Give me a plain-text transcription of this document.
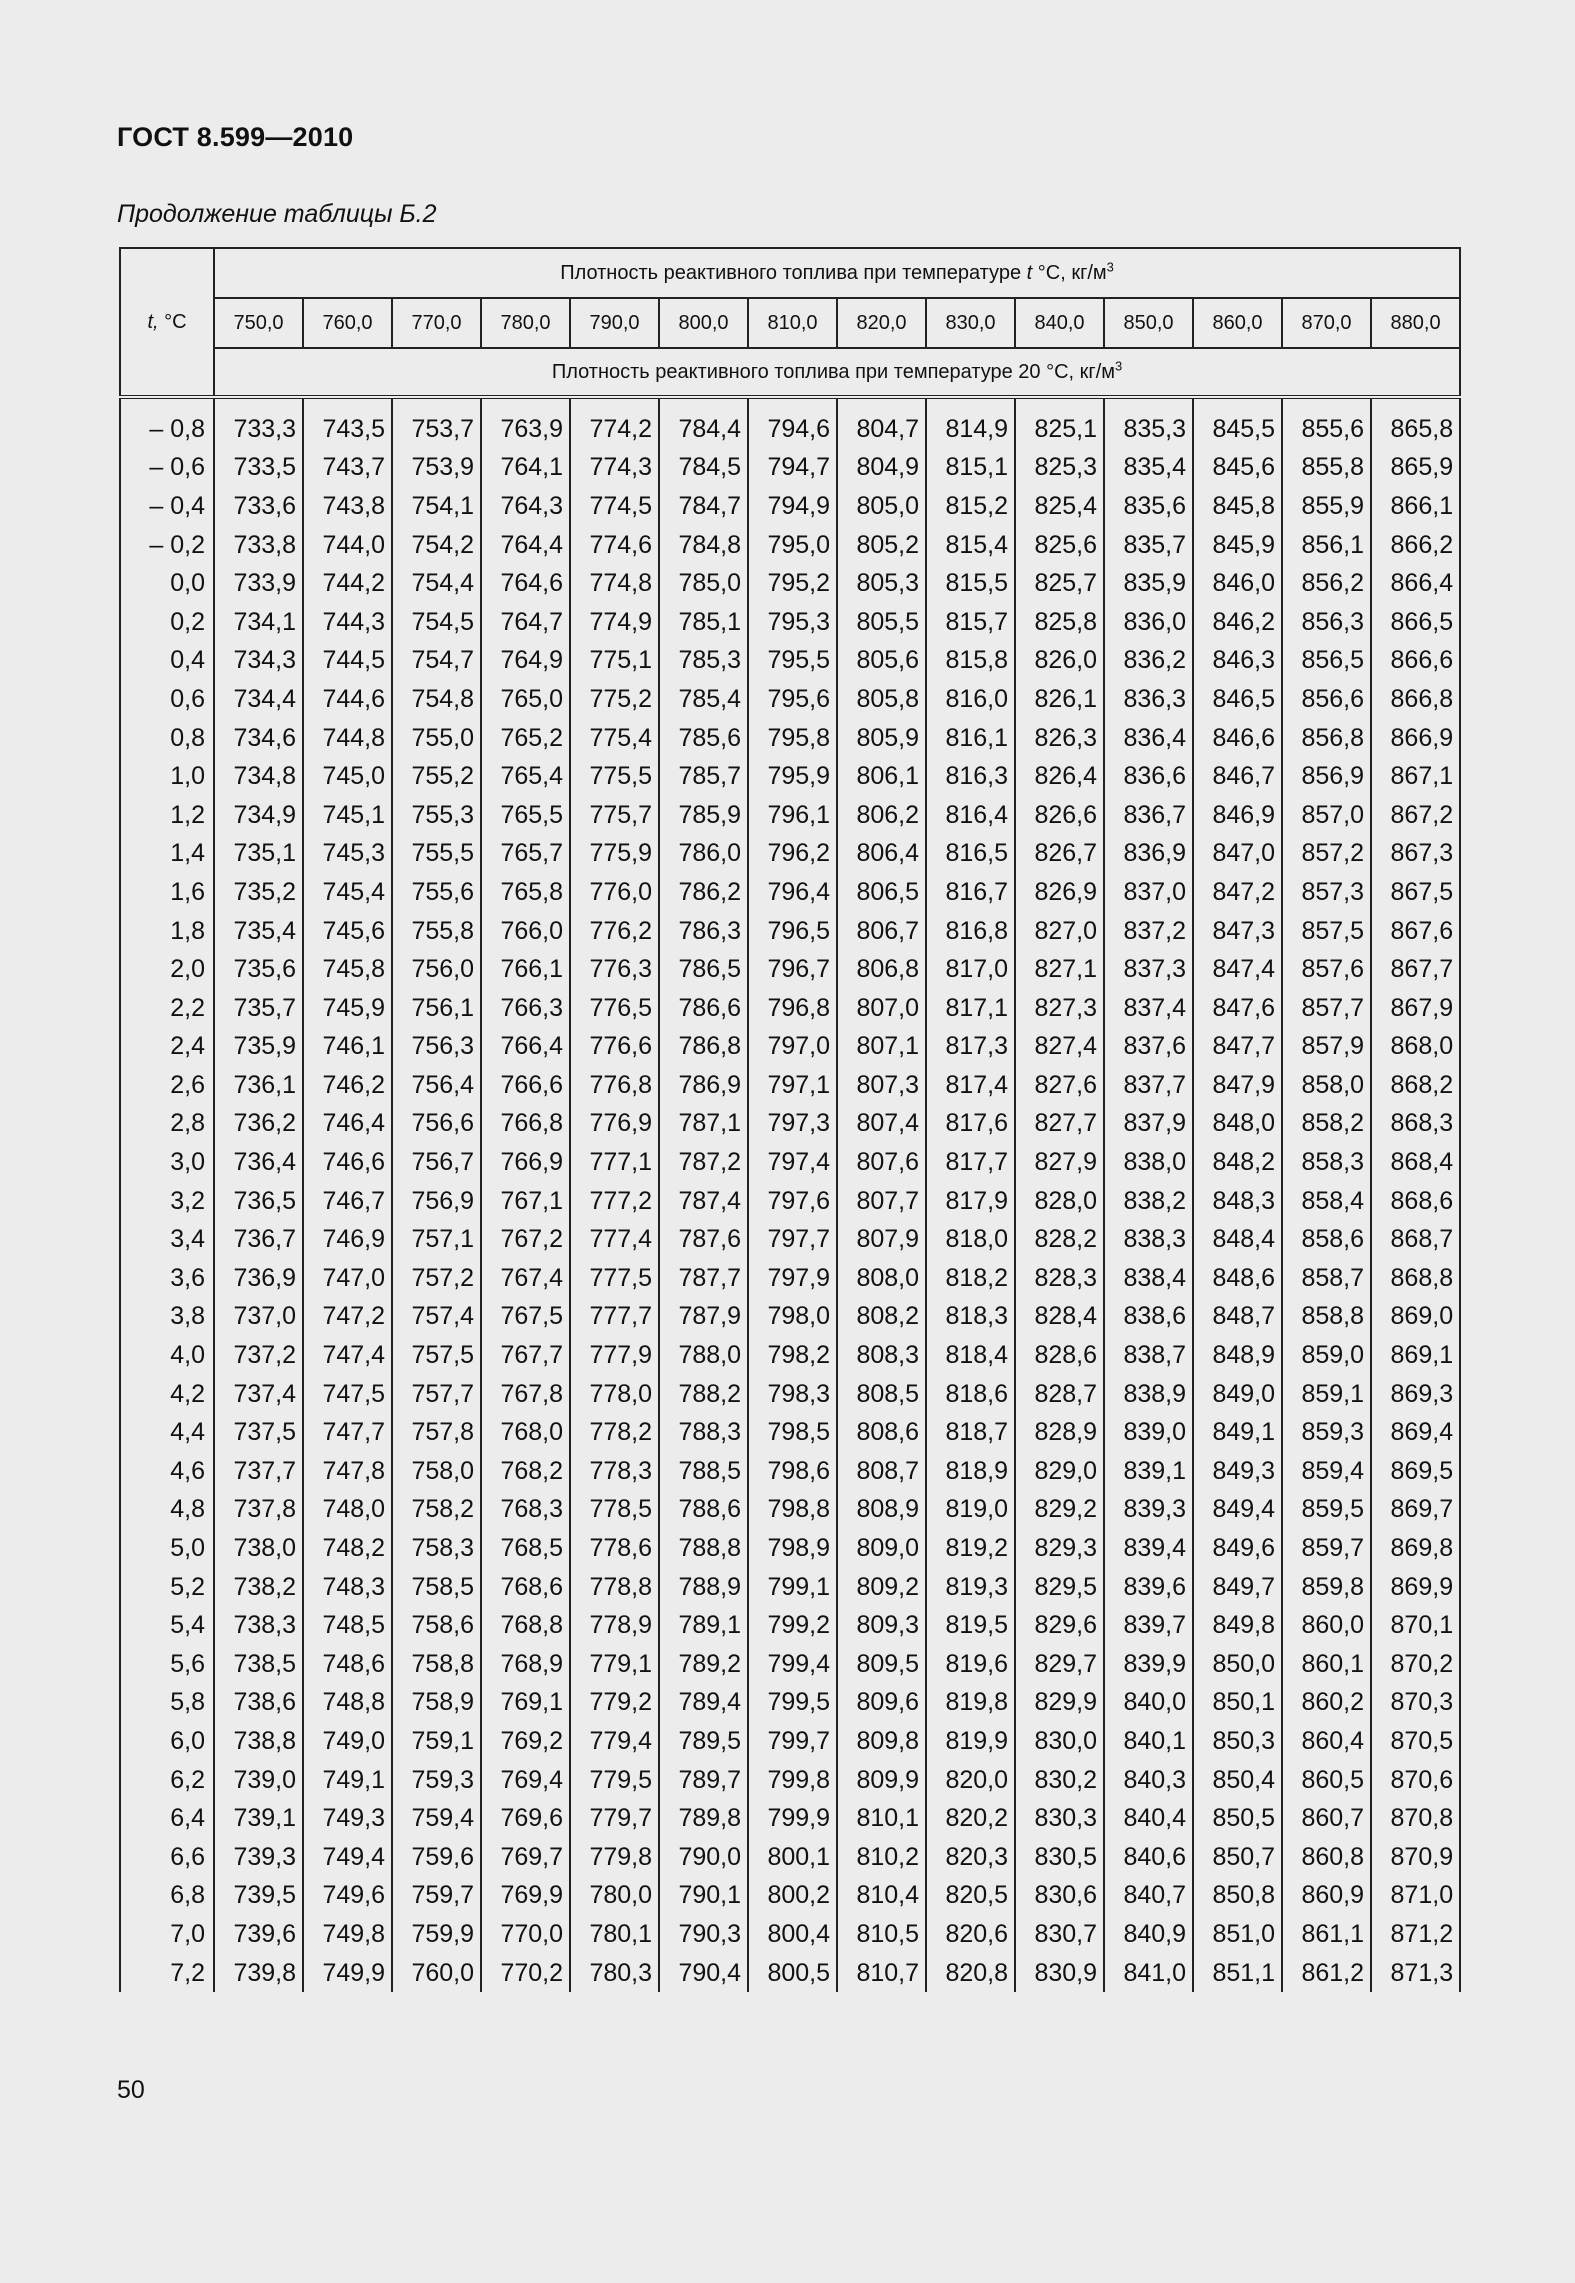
ГОСТ 8.599—2010
Продолжение таблицы Б.2
t, °С	Плотность реактивного топлива при температуре t °С, $кг/м^3$
	750,0	760,0	770,0	780,0	790,0	800,0	810,0	820,0	830,0	840,0	850,0	860,0	870,0	880,0
	Плотность реактивного топлива при температуре 20 °С, $кг/м^3$

– 0,8	733,3	743,5	753,7	763,9	774,2	784,4	794,6	804,7	814,9	825,1	835,3	845,5	855,6	865,8
– 0,6	733,5	743,7	753,9	764,1	774,3	784,5	794,7	804,9	815,1	825,3	835,4	845,6	855,8	865,9
– 0,4	733,6	743,8	754,1	764,3	774,5	784,7	794,9	805,0	815,2	825,4	835,6	845,8	855,9	866,1
– 0,2	733,8	744,0	754,2	764,4	774,6	784,8	795,0	805,2	815,4	825,6	835,7	845,9	856,1	866,2
0,0	733,9	744,2	754,4	764,6	774,8	785,0	795,2	805,3	815,5	825,7	835,9	846,0	856,2	866,4
0,2	734,1	744,3	754,5	764,7	774,9	785,1	795,3	805,5	815,7	825,8	836,0	846,2	856,3	866,5
0,4	734,3	744,5	754,7	764,9	775,1	785,3	795,5	805,6	815,8	826,0	836,2	846,3	856,5	866,6
0,6	734,4	744,6	754,8	765,0	775,2	785,4	795,6	805,8	816,0	826,1	836,3	846,5	856,6	866,8
0,8	734,6	744,8	755,0	765,2	775,4	785,6	795,8	805,9	816,1	826,3	836,4	846,6	856,8	866,9
1,0	734,8	745,0	755,2	765,4	775,5	785,7	795,9	806,1	816,3	826,4	836,6	846,7	856,9	867,1
1,2	734,9	745,1	755,3	765,5	775,7	785,9	796,1	806,2	816,4	826,6	836,7	846,9	857,0	867,2
1,4	735,1	745,3	755,5	765,7	775,9	786,0	796,2	806,4	816,5	826,7	836,9	847,0	857,2	867,3
1,6	735,2	745,4	755,6	765,8	776,0	786,2	796,4	806,5	816,7	826,9	837,0	847,2	857,3	867,5
1,8	735,4	745,6	755,8	766,0	776,2	786,3	796,5	806,7	816,8	827,0	837,2	847,3	857,5	867,6
2,0	735,6	745,8	756,0	766,1	776,3	786,5	796,7	806,8	817,0	827,1	837,3	847,4	857,6	867,7
2,2	735,7	745,9	756,1	766,3	776,5	786,6	796,8	807,0	817,1	827,3	837,4	847,6	857,7	867,9
2,4	735,9	746,1	756,3	766,4	776,6	786,8	797,0	807,1	817,3	827,4	837,6	847,7	857,9	868,0
2,6	736,1	746,2	756,4	766,6	776,8	786,9	797,1	807,3	817,4	827,6	837,7	847,9	858,0	868,2
2,8	736,2	746,4	756,6	766,8	776,9	787,1	797,3	807,4	817,6	827,7	837,9	848,0	858,2	868,3
3,0	736,4	746,6	756,7	766,9	777,1	787,2	797,4	807,6	817,7	827,9	838,0	848,2	858,3	868,4
3,2	736,5	746,7	756,9	767,1	777,2	787,4	797,6	807,7	817,9	828,0	838,2	848,3	858,4	868,6
3,4	736,7	746,9	757,1	767,2	777,4	787,6	797,7	807,9	818,0	828,2	838,3	848,4	858,6	868,7
3,6	736,9	747,0	757,2	767,4	777,5	787,7	797,9	808,0	818,2	828,3	838,4	848,6	858,7	868,8
3,8	737,0	747,2	757,4	767,5	777,7	787,9	798,0	808,2	818,3	828,4	838,6	848,7	858,8	869,0
4,0	737,2	747,4	757,5	767,7	777,9	788,0	798,2	808,3	818,4	828,6	838,7	848,9	859,0	869,1
4,2	737,4	747,5	757,7	767,8	778,0	788,2	798,3	808,5	818,6	828,7	838,9	849,0	859,1	869,3
4,4	737,5	747,7	757,8	768,0	778,2	788,3	798,5	808,6	818,7	828,9	839,0	849,1	859,3	869,4
4,6	737,7	747,8	758,0	768,2	778,3	788,5	798,6	808,7	818,9	829,0	839,1	849,3	859,4	869,5
4,8	737,8	748,0	758,2	768,3	778,5	788,6	798,8	808,9	819,0	829,2	839,3	849,4	859,5	869,7
5,0	738,0	748,2	758,3	768,5	778,6	788,8	798,9	809,0	819,2	829,3	839,4	849,6	859,7	869,8
5,2	738,2	748,3	758,5	768,6	778,8	788,9	799,1	809,2	819,3	829,5	839,6	849,7	859,8	869,9
5,4	738,3	748,5	758,6	768,8	778,9	789,1	799,2	809,3	819,5	829,6	839,7	849,8	860,0	870,1
5,6	738,5	748,6	758,8	768,9	779,1	789,2	799,4	809,5	819,6	829,7	839,9	850,0	860,1	870,2
5,8	738,6	748,8	758,9	769,1	779,2	789,4	799,5	809,6	819,8	829,9	840,0	850,1	860,2	870,3
6,0	738,8	749,0	759,1	769,2	779,4	789,5	799,7	809,8	819,9	830,0	840,1	850,3	860,4	870,5
6,2	739,0	749,1	759,3	769,4	779,5	789,7	799,8	809,9	820,0	830,2	840,3	850,4	860,5	870,6
6,4	739,1	749,3	759,4	769,6	779,7	789,8	799,9	810,1	820,2	830,3	840,4	850,5	860,7	870,8
6,6	739,3	749,4	759,6	769,7	779,8	790,0	800,1	810,2	820,3	830,5	840,6	850,7	860,8	870,9
6,8	739,5	749,6	759,7	769,9	780,0	790,1	800,2	810,4	820,5	830,6	840,7	850,8	860,9	871,0
7,0	739,6	749,8	759,9	770,0	780,1	790,3	800,4	810,5	820,6	830,7	840,9	851,0	861,1	871,2
7,2	739,8	749,9	760,0	770,2	780,3	790,4	800,5	810,7	820,8	830,9	841,0	851,1	861,2	871,3
50
